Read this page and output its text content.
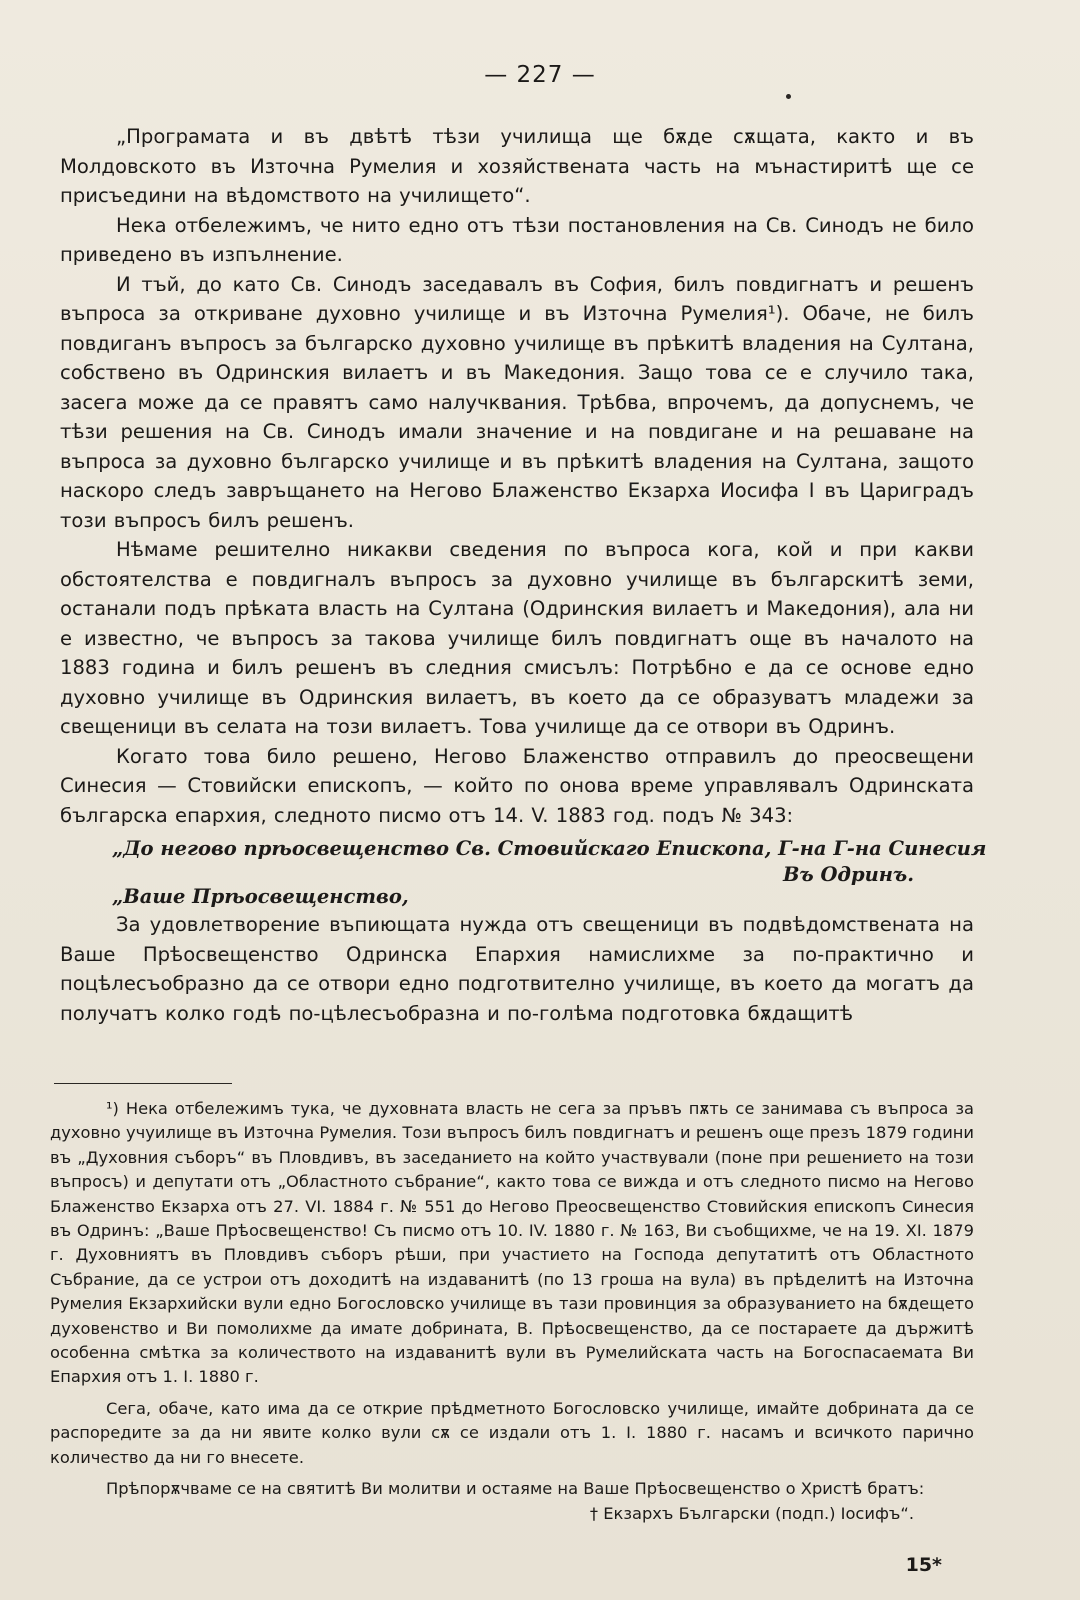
— 227 —

„Програмата и въ двѣтѣ тѣзи училища ще бѫде сѫщата, както и въ Молдовското въ Източна Румелия и хозяйствената часть на мънастиритѣ ще се присъедини на вѣдомството на училището“.

Нека отбележимъ, че нито едно отъ тѣзи постановления на Св. Синодъ не било приведено въ изпълнение.

И тъй, до като Св. Синодъ заседавалъ въ София, билъ повдигнатъ и решенъ въпроса за откриване духовно училище и въ Източна Румелия¹). Обаче, не билъ повдиганъ въпросъ за българско духовно училище въ прѣкитѣ владения на Султана, собствено въ Одринския вилаетъ и въ Македония. Защо това се е случило така, засега може да се правятъ само налучквания. Трѣбва, впрочемъ, да допуснемъ, че тѣзи решения на Св. Синодъ имали значение и на повдигане и на решаване на въпроса за духовно българско училище и въ прѣкитѣ владения на Султана, защото наскоро следъ завръщането на Негово Блаженство Екзарха Иосифа I въ Цариградъ този въпросъ билъ решенъ.

Нѣмаме решително никакви сведения по въпроса кога, кой и при какви обстоятелства е повдигналъ въпросъ за духовно училище въ българскитѣ земи, останали подъ прѣката власть на Султана (Одринския вилаетъ и Македония), ала ни е известно, че въпросъ за такова училище билъ повдигнатъ още въ началото на 1883 година и билъ решенъ въ следния смисълъ: Потрѣбно е да се основе едно духовно училище въ Одринския вилаетъ, въ което да се образуватъ младежи за свещеници въ селата на този вилаетъ. Това училище да се отвори въ Одринъ.

Когато това било решено, Негово Блаженство отправилъ до преосвещени Синесия — Стовийски епископъ, — който по онова време управлявалъ Одринската българска епархия, следното писмо отъ 14. V. 1883 год. подъ № 343:

„До негово прѣосвещенство Св. Стовийскаго Епископа, Г-на Г-на Синесия
Въ Одринъ.
„Ваше Прѣосвещенство,

За удовлетворение въпиющата нужда отъ свещеници въ подвѣдомствената на Ваше Прѣосвещенство Одринска Епархия намислихме за по-практично и поцѣлесъобразно да се отвори едно подготвително училище, въ което да могатъ да получатъ колко годѣ по-цѣлесъобразна и по-голѣма подготовка бѫдащитѣ

¹) Нека отбележимъ тука, че духовната власть не сега за пръвъ пѫть се занимава съ въпроса за духовно учуилище въ Източна Румелия. Този въпросъ билъ повдигнатъ и решенъ още презъ 1879 години въ „Духовния съборъ“ въ Пловдивъ, въ заседанието на който участвували (поне при решението на този въпросъ) и депутати отъ „Областното събрание“, както това се вижда и отъ следното писмо на Негово Блаженство Екзарха отъ 27. VI. 1884 г. № 551 до Негово Преосвещенство Стовийския епископъ Синесия въ Одринъ: „Ваше Прѣосвещенство! Съ писмо отъ 10. IV. 1880 г. № 163, Ви съобщихме, че на 19. XI. 1879 г. Духовниятъ въ Пловдивъ съборъ рѣши, при участието на Господа депутатитѣ отъ Областното Събрание, да се устрои отъ доходитѣ на издаванитѣ (по 13 гроша на вула) въ прѣделитѣ на Източна Румелия Екзархийски вули едно Богословско училище въ тази провинция за образуванието на бѫдещето духовенство и Ви помолихме да имате добрината, В. Прѣосвещенство, да се постараете да държитѣ особенна смѣтка за количеството на издаванитѣ вули въ Румелийската часть на Богоспасаемата Ви Епархия отъ 1. I. 1880 г.

Сега, обаче, като има да се открие прѣдметното Богословско училище, имайте добрината да се распоредите за да ни явите колко вули сѫ се издали отъ 1. I. 1880 г. насамъ и всичкото парично количество да ни го внесете.

Прѣпорѫчваме се на святитѣ Ви молитви и остаяме на Ваше Прѣосвещенство о Христѣ братъ:

† Екзархъ Български (подп.) Іосифъ“.

15*
